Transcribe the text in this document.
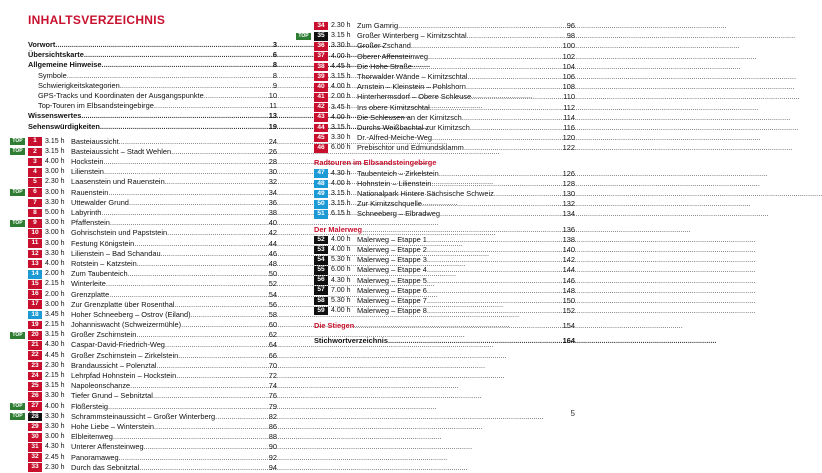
INHALTSVERZEICHNIS
Vorwort .....	3
Übersichtskarte .....	6
Allgemeine Hinweise .....	8
Symbole .....	8
Schwierigkeitskategorien .....	9
GPS-Tracks und Koordinaten der Ausgangspunkte .....	10
Top-Touren im Elbsandsteingebirge .....	11
Wissenswertes .....	13
Sehenswürdigkeiten .....	19
TOP	1	3.15 h Basteiaussicht .....	24
TOP	2	3.15 h Basteiaussicht – Stadt Wehlen .....	26
3	4.00 h Hockstein .....	28
4	3.00 h Lilienstein .....	30
5	2.30 h Laasenstein und Rauenstein .....	32
TOP	6	3.00 h Rauenstein .....	34
7	3.30 h Uttewalder Grund .....	36
8	5.00 h Labyrinth .....	38
TOP	9	3.00 h Pfaffenstein .....	40
10 3.00 h Gohrischstein und Papststein .....	42
11 3.00 h Festung Königstein .....	44
12 3.30 h Lilienstein – Bad Schandau .....	46
13 4.00 h Rotstein – Katzstein .....	48
14 2.00 h Zum Taubenteich .....	50
15 2.15 h Winterleite .....	52
16 2.00 h Grenzplatte .....	54
17 3.00 h Zur Grenzplatte über Rosenthal .....	56
18 3.45 h Hoher Schneeberg – Ostrov (Eiland) .....	58
19 2.15 h Johanniswacht (Schweizermühle) .....	60
TOP	20 3.15 h Großer Zschirnstein .....	62
21 4.30 h Caspar-David-Friedrich-Weg .....	64
22 4.45 h Großer Zschirnstein – Zirkelstein .....	66
23 2.30 h Brandaussicht – Polenztal .....	70
24 2.15 h Lehrpfad Hohnstein – Hockstein .....	72
25 3.15 h Napoleonschanze .....	74
26 3.30 h Tiefer Grund – Sebnitztal .....	76
TOP	27 4.00 h Flößersteig .....	79
TOP	28 3.30 h Schrammsteinaussicht – Großer Winterberg .....	82
29 3.30 h Hohe Liebe – Winterstein .....	86
30 3.00 h Elbleitenweg .....	88
31 4.30 h Unterer Affensteinweg .....	90
32 2.45 h Panoramaweg .....	92
33 2.30 h Durch das Sebnitztal .....	94
4
34 2.30 h Zum Gamrig .....	96
TOP	35 3.15 h Großer Winterberg – Kirnitzschtal .....	98
36 3.30 h Großer Zschand .....	100
37 4.00 h Oberer Affensteinweg .....	102
38 4.45 h Die Hohe Straße .....	104
39 3.15 h Thorwalder Wände – Kirnitzschtal .....	106
40 4.00 h Arnstein – Kleinstein – Pohlshorn .....	108
41 2.00 h Hinterhermsdorf – Obere Schleuse .....	110
42 3.45 h Ins obere Kirnitzschtal .....	112
43 4.00 h Die Schleusen an der Kirnitzsch .....	114
44 3.15 h Durchs Weißbachtal zur Kirnitzsch .....	116
45 3.30 h Dr.-Alfred-Meiche-Weg .....	120
46 6.00 h Prebischtor und Edmundsklamm .....	122
Radtouren im Elbsandsteingebirge
47 4.30 h Taubenteich – Zirkelstein .....	126
48 4.00 h Hohnstein – Lilienstein .....	128
49 3.15 h Nationalpark Hintere Sächsische Schweiz .....	130
50 3.15 h Zur Kirnitzschquelle .....	132
51 6.15 h Schneeberg – Elbradweg .....	134
Der Malerweg .....	136
52 4.00 h Malerweg – Etappe 1 .....	138
53 4.00 h Malerweg – Etappe 2 .....	140
54 5.30 h Malerweg – Etappe 3 .....	142
55 6.00 h Malerweg – Etappe 4 .....	144
56 4.30 h Malerweg – Etappe 5 .....	146
57 7.00 h Malerweg – Etappe 6 .....	148
58 5.30 h Malerweg – Etappe 7 .....	150
59 4.00 h Malerweg – Etappe 8 .....	152
Die Stiegen .....	154
Stichwortverzeichnis .....	164
5
